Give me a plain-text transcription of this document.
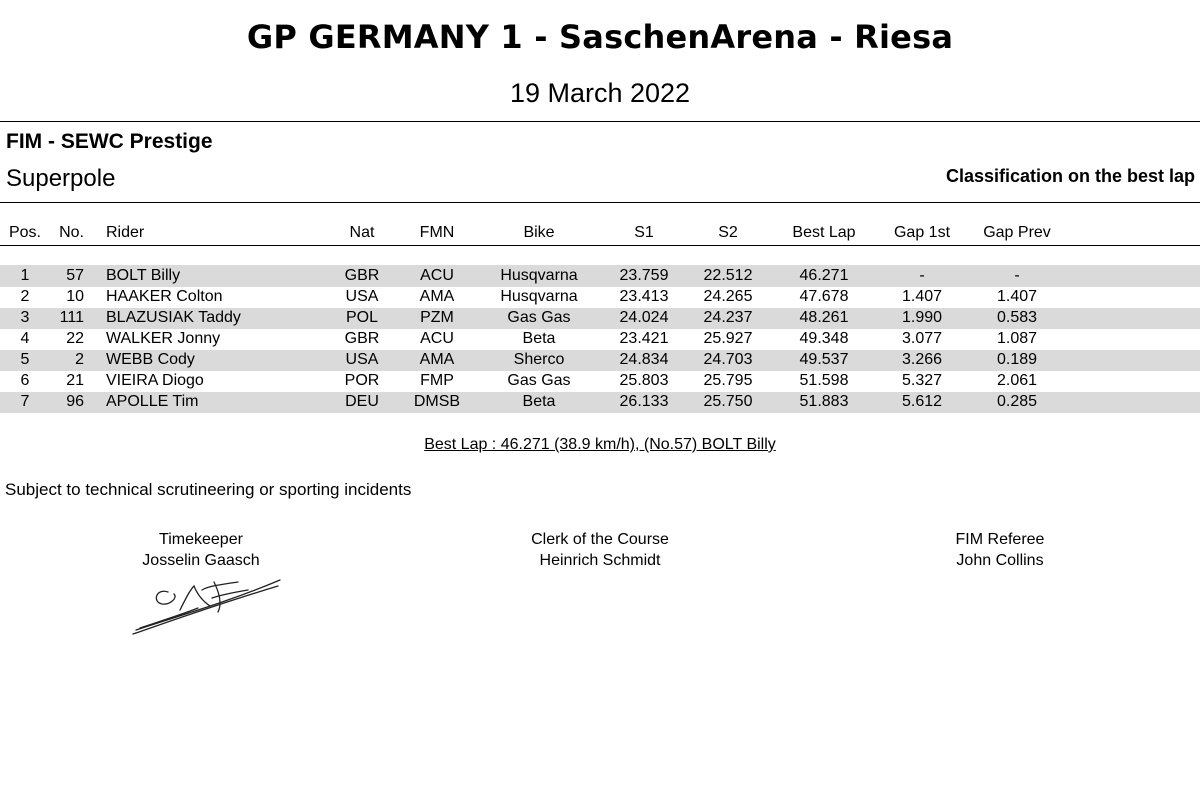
GP GERMANY 1 - SaschenArena - Riesa
19 March 2022
FIM - SEWC Prestige
Superpole	Classification on the best lap
Pos.	No. Rider	Nat	FMN	Bike	S1	S2	Best Lap	Gap 1st	Gap Prev
1	57 BOLT Billy	GBR	ACU	Husqvarna	23.759	22.512	46.271	-	-
2	10 HAAKER Colton	USA	AMA	Husqvarna	23.413	24.265	47.678	1.407	1.407
3	111 BLAZUSIAK Taddy	POL	PZM	Gas Gas	24.024	24.237	48.261	1.990	0.583
4	22 WALKER Jonny	GBR	ACU	Beta	23.421	25.927	49.348	3.077	1.087
5	2 WEBB Cody	USA	AMA	Sherco	24.834	24.703	49.537	3.266	0.189
6	21 VIEIRA Diogo	POR	FMP	Gas Gas	25.803	25.795	51.598	5.327	2.061
7	96 APOLLE Tim	DEU	DMSB	Beta	26.133	25.750	51.883	5.612	0.285
Best Lap : 46.271 (38.9 km/h), (No.57) BOLT Billy
Subject to technical scrutineering or sporting incidents
Timekeeper
Josselin Gaasch
Clerk of the Course
Heinrich Schmidt
FIM Referee
John Collins
